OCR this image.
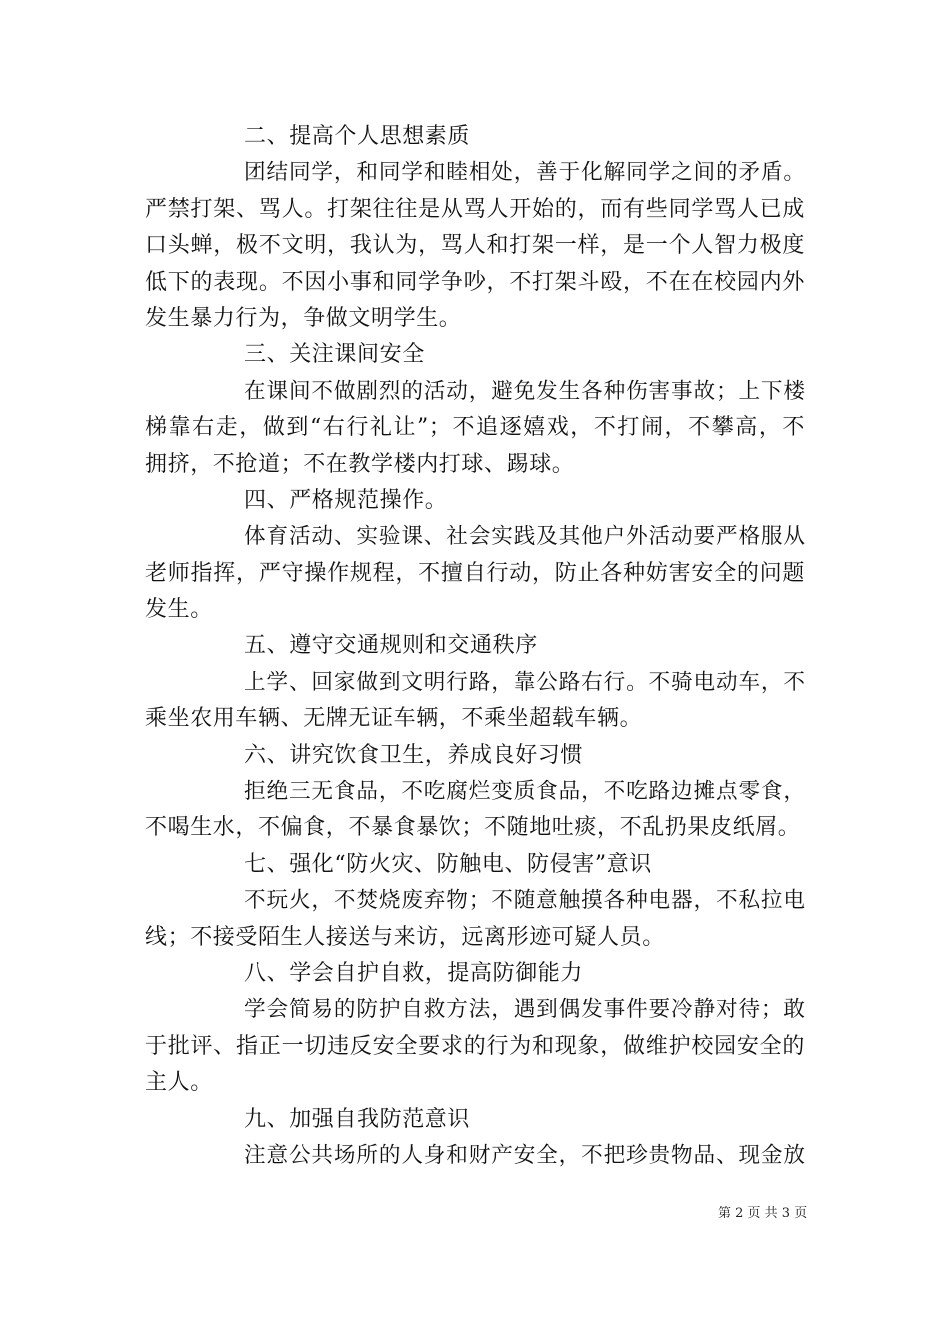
二、提高个人思想素质
团结同学，和同学和睦相处，善于化解同学之间的矛盾。
严禁打架、骂人。打架往往是从骂人开始的，而有些同学骂人已成
口头蝉，极不文明，我认为，骂人和打架一样，是一个人智力极度
低下的表现。不因小事和同学争吵，不打架斗殴，不在在校园内外
发生暴力行为，争做文明学生。
三、关注课间安全
在课间不做剧烈的活动，避免发生各种伤害事故；上下楼
梯靠右走，做到“右行礼让”；不追逐嬉戏，不打闹，不攀高，不
拥挤，不抢道；不在教学楼内打球、踢球。
四、严格规范操作。
体育活动、实验课、社会实践及其他户外活动要严格服从
老师指挥，严守操作规程，不擅自行动，防止各种妨害安全的问题
发生。
五、遵守交通规则和交通秩序
上学、回家做到文明行路，靠公路右行。不骑电动车，不
乘坐农用车辆、无牌无证车辆，不乘坐超载车辆。
六、讲究饮食卫生，养成良好习惯
拒绝三无食品，不吃腐烂变质食品，不吃路边摊点零食，
不喝生水，不偏食，不暴食暴饮；不随地吐痰，不乱扔果皮纸屑。
七、强化“防火灾、防触电、防侵害”意识
不玩火，不焚烧废弃物；不随意触摸各种电器，不私拉电
线；不接受陌生人接送与来访，远离形迹可疑人员。
八、学会自护自救，提高防御能力
学会简易的防护自救方法，遇到偶发事件要冷静对待；敢
于批评、指正一切违反安全要求的行为和现象，做维护校园安全的
主人。
九、加强自我防范意识
注意公共场所的人身和财产安全，不把珍贵物品、现金放
第 2 页 共 3 页
